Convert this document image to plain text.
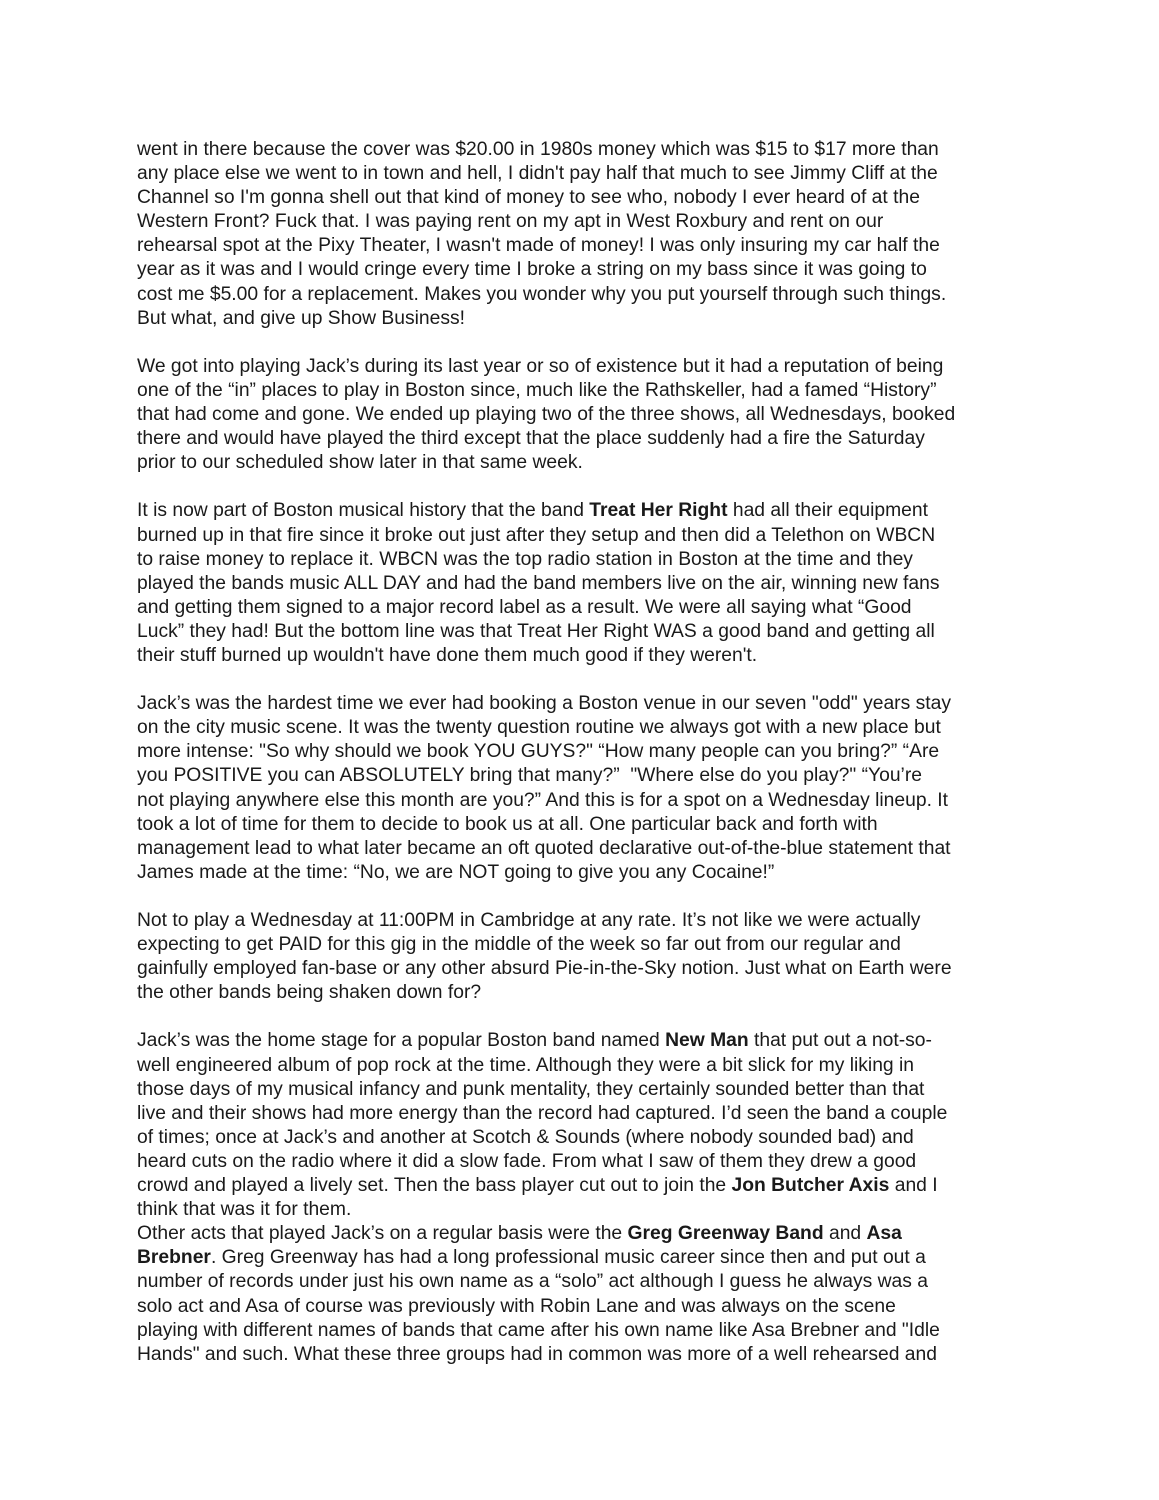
went in there because the cover was $20.00 in 1980s money which was $15 to $17 more than
any place else we went to in town and hell, I didn't pay half that much to see Jimmy Cliff at the
Channel so I'm gonna shell out that kind of money to see who, nobody I ever heard of at the
Western Front? Fuck that. I was paying rent on my apt in West Roxbury and rent on our
rehearsal spot at the Pixy Theater, I wasn't made of money! I was only insuring my car half the
year as it was and I would cringe every time I broke a string on my bass since it was going to
cost me $5.00 for a replacement. Makes you wonder why you put yourself through such things.
But what, and give up Show Business!

We got into playing Jack’s during its last year or so of existence but it had a reputation of being
one of the “in” places to play in Boston since, much like the Rathskeller, had a famed “History”
that had come and gone. We ended up playing two of the three shows, all Wednesdays, booked
there and would have played the third except that the place suddenly had a fire the Saturday
prior to our scheduled show later in that same week.

It is now part of Boston musical history that the band Treat Her Right had all their equipment
burned up in that fire since it broke out just after they setup and then did a Telethon on WBCN
to raise money to replace it. WBCN was the top radio station in Boston at the time and they
played the bands music ALL DAY and had the band members live on the air, winning new fans
and getting them signed to a major record label as a result. We were all saying what “Good
Luck” they had! But the bottom line was that Treat Her Right WAS a good band and getting all
their stuff burned up wouldn't have done them much good if they weren't.

Jack’s was the hardest time we ever had booking a Boston venue in our seven "odd" years stay
on the city music scene. It was the twenty question routine we always got with a new place but
more intense: "So why should we book YOU GUYS?" “How many people can you bring?” “Are
you POSITIVE you can ABSOLUTELY bring that many?”  "Where else do you play?" “You’re
not playing anywhere else this month are you?” And this is for a spot on a Wednesday lineup. It
took a lot of time for them to decide to book us at all. One particular back and forth with
management lead to what later became an oft quoted declarative out-of-the-blue statement that
James made at the time: “No, we are NOT going to give you any Cocaine!”

Not to play a Wednesday at 11:00PM in Cambridge at any rate. It’s not like we were actually
expecting to get PAID for this gig in the middle of the week so far out from our regular and
gainfully employed fan-base or any other absurd Pie-in-the-Sky notion. Just what on Earth were
the other bands being shaken down for?

Jack’s was the home stage for a popular Boston band named New Man that put out a not-so-
well engineered album of pop rock at the time. Although they were a bit slick for my liking in
those days of my musical infancy and punk mentality, they certainly sounded better than that
live and their shows had more energy than the record had captured. I’d seen the band a couple
of times; once at Jack’s and another at Scotch & Sounds (where nobody sounded bad) and
heard cuts on the radio where it did a slow fade. From what I saw of them they drew a good
crowd and played a lively set. Then the bass player cut out to join the Jon Butcher Axis and I
think that was it for them.

Other acts that played Jack’s on a regular basis were the Greg Greenway Band and Asa
Brebner. Greg Greenway has had a long professional music career since then and put out a
number of records under just his own name as a “solo” act although I guess he always was a
solo act and Asa of course was previously with Robin Lane and was always on the scene
playing with different names of bands that came after his own name like Asa Brebner and "Idle
Hands" and such. What these three groups had in common was more of a well rehearsed and
